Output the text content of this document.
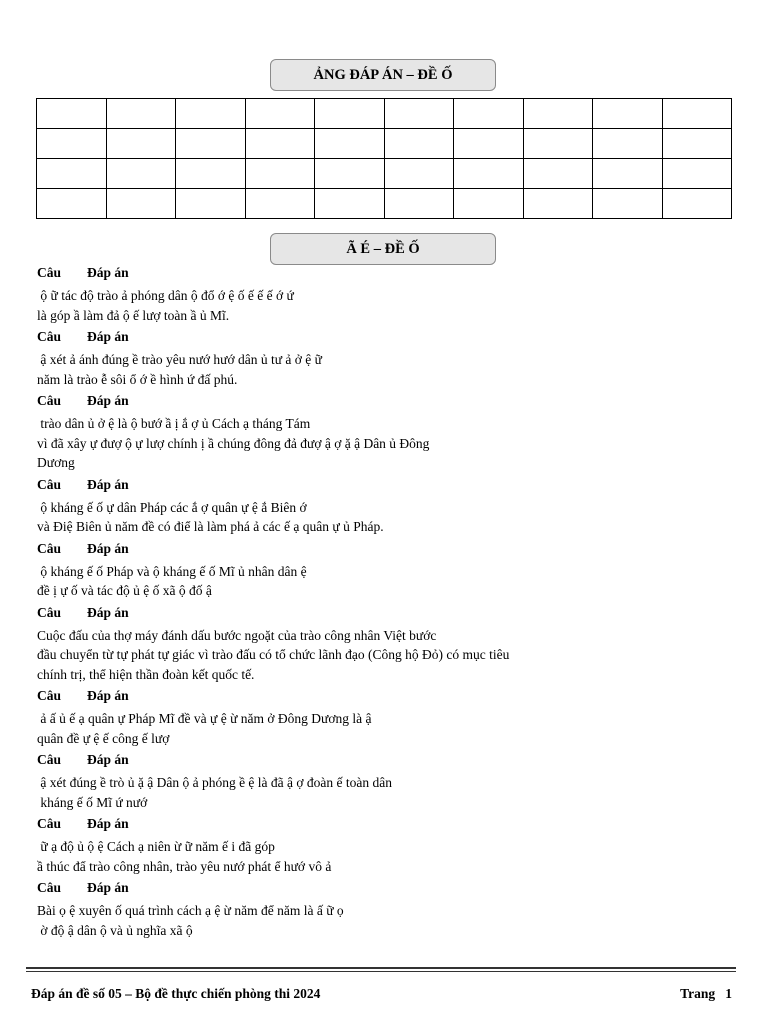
ẢNG ĐÁP ÁN – ĐỀ Ố

Ã É – ĐỀ Ố
Câu Đáp án
ộ ữ tác độ trào ả phóng dân ộ đổ ớ ệ ố ế ế ế ớ ứ
là góp ầ làm đả ộ ế lượ toàn ầ ủ Mĩ.
Câu Đáp án
ậ xét ả ánh đúng ề trào yêu nướ hướ dân ủ tư ả ở ệ ữ
năm là trào ễ sôi ổ ớ ề hình ứ đấ phú.
Câu Đáp án
trào dân ủ ở ệ là ộ bướ ầ ị ắ ợ ủ Cách ạ tháng Tám
vì đã xây ự đượ ộ ự lượ chính ị ầ chúng đông đả đượ ậ ợ ặ ậ Dân ủ Đông
Dương
Câu Đáp án
ộ kháng ế ố ự dân Pháp các ắ ợ quân ự ệ ắ Biên ớ
và Điệ Biên ủ năm đề có điể là làm phá ả các ế ạ quân ự ủ Pháp.
Câu Đáp án
ộ kháng ế ố Pháp và ộ kháng ế ố Mĩ ủ nhân dân ệ
đề ị ự ố và tác độ ủ ệ ố xã ộ đố ậ
Câu Đáp án
Cuộc đấu của thợ máy đánh dấu bước ngoặt của trào công nhân Việt bước
đầu chuyển từ tự phát tự giác vì trào đấu có tổ chức lãnh đạo (Công hộ Đỏ) có mục tiêu
chính trị, thể hiện thần đoàn kết quốc tế.
Câu Đáp án
ả ấ ủ ế ạ quân ự Pháp Mĩ đề và ự ệ ừ năm ở Đông Dương là ậ
quân đề ự ệ ế công ế lượ
Câu Đáp án
ậ xét đúng ề trò ủ ặ ậ Dân ộ ả phóng ề ệ là đã ậ ợ đoàn ế toàn dân
kháng ế ố Mĩ ứ nướ
Câu Đáp án
ữ ạ độ ủ ộ ệ Cách ạ niên ừ ữ năm ế i đã góp
ầ thúc đẩ trào công nhân, trào yêu nướ phát ể hướ vô ả
Câu Đáp án
Bài ọ ệ xuyên ố quá trình cách ạ ệ ừ năm để năm là ấ ữ ọ
ờ độ ậ dân ộ và ủ nghĩa xã ộ
Đáp án đề số 05 – Bộ đề thực chiến phòng thi 2024	Trang   1
